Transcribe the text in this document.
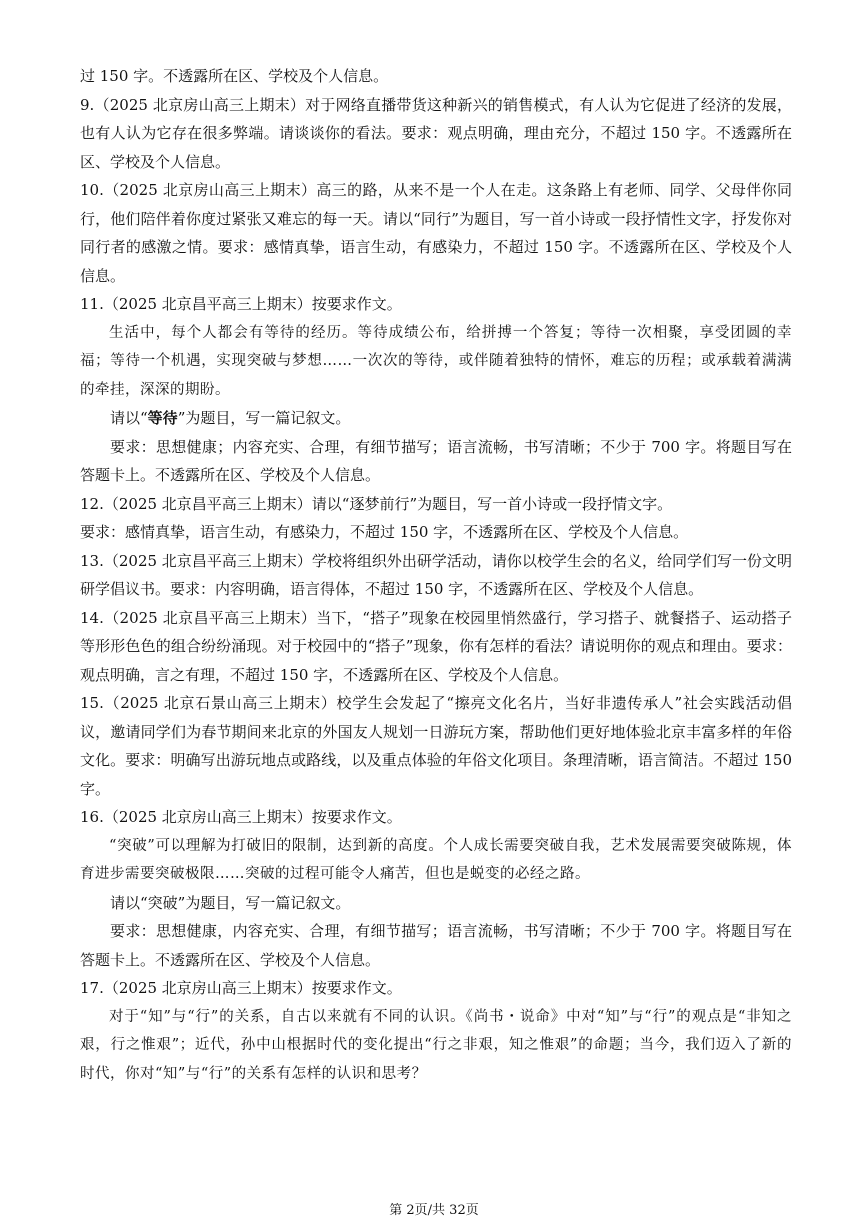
过 150 字。不透露所在区、学校及个人信息。

9.（2025 北京房山高三上期末）对于网络直播带货这种新兴的销售模式，有人认为它促进了经济的发展，也有人认为它存在很多弊端。请谈谈你的看法。要求：观点明确，理由充分，不超过 150 字。不透露所在区、学校及个人信息。

10.（2025 北京房山高三上期末）高三的路，从来不是一个人在走。这条路上有老师、同学、父母伴你同行，他们陪伴着你度过紧张又难忘的每一天。请以“同行”为题目，写一首小诗或一段抒情性文字，抒发你对同行者的感激之情。要求：感情真挚，语言生动，有感染力，不超过 150 字。不透露所在区、学校及个人信息。

11.（2025 北京昌平高三上期末）按要求作文。

生活中，每个人都会有等待的经历。等待成绩公布，给拼搏一个答复；等待一次相聚，享受团圆的幸福；等待一个机遇，实现突破与梦想……一次次的等待，或伴随着独特的情怀，难忘的历程；或承载着满满的牵挂，深深的期盼。

请以“等待”为题目，写一篇记叙文。

要求：思想健康；内容充实、合理，有细节描写；语言流畅，书写清晰；不少于 700 字。将题目写在答题卡上。不透露所在区、学校及个人信息。

12.（2025 北京昌平高三上期末）请以“逐梦前行”为题目，写一首小诗或一段抒情文字。

要求：感情真挚，语言生动，有感染力，不超过 150 字，不透露所在区、学校及个人信息。

13.（2025 北京昌平高三上期末）学校将组织外出研学活动，请你以校学生会的名义，给同学们写一份文明研学倡议书。要求：内容明确，语言得体，不超过 150 字，不透露所在区、学校及个人信息。

14.（2025 北京昌平高三上期末）当下，“搭子”现象在校园里悄然盛行，学习搭子、就餐搭子、运动搭子等形形色色的组合纷纷涌现。对于校园中的“搭子”现象，你有怎样的看法？请说明你的观点和理由。要求：观点明确，言之有理，不超过 150 字，不透露所在区、学校及个人信息。

15.（2025 北京石景山高三上期末）校学生会发起了“擦亮文化名片，当好非遗传承人”社会实践活动倡议，邀请同学们为春节期间来北京的外国友人规划一日游玩方案，帮助他们更好地体验北京丰富多样的年俗文化。要求：明确写出游玩地点或路线，以及重点体验的年俗文化项目。条理清晰，语言简洁。不超过 150 字。

16.（2025 北京房山高三上期末）按要求作文。

“突破”可以理解为打破旧的限制，达到新的高度。个人成长需要突破自我，艺术发展需要突破陈规，体育进步需要突破极限……突破的过程可能令人痛苦，但也是蜕变的必经之路。

请以“突破”为题目，写一篇记叙文。

要求：思想健康，内容充实、合理，有细节描写；语言流畅，书写清晰；不少于 700 字。将题目写在答题卡上。不透露所在区、学校及个人信息。

17.（2025 北京房山高三上期末）按要求作文。

对于“知”与“行”的关系，自古以来就有不同的认识。《尚书・说命》中对“知”与“行”的观点是“非知之艰，行之惟艰”；近代，孙中山根据时代的变化提出“行之非艰，知之惟艰”的命题；当今，我们迈入了新的时代，你对“知”与“行”的关系有怎样的认识和思考？

第 2页/共 32页
